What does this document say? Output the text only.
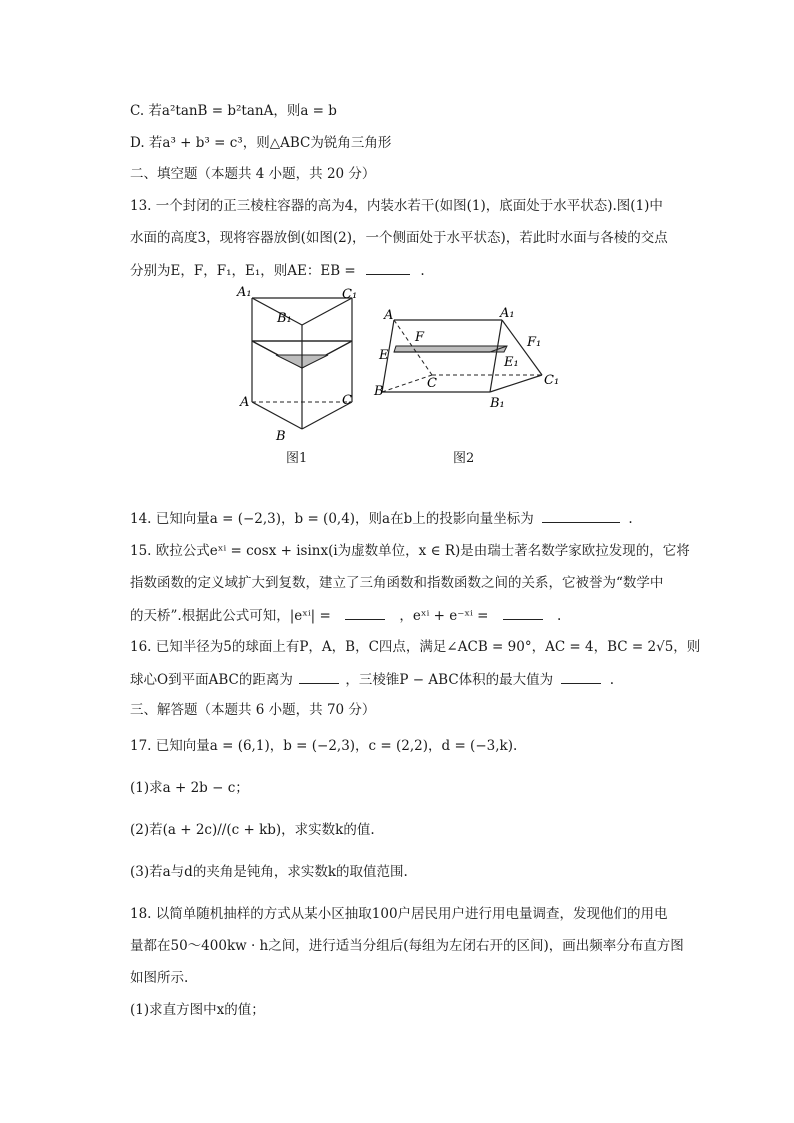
C. 若a²tanB = b²tanA，则a = b
D. 若a³ + b³ = c³，则△ABC为锐角三角形
二、填空题（本题共 4 小题，共 20 分）
13. 一个封闭的正三棱柱容器的高为4，内装水若干(如图(1)，底面处于水平状态).图(1)中
水面的高度3，现将容器放倒(如图(2)，一个侧面处于水平状态)，若此时水面与各棱的交点
分别为E，F，F₁，E₁，则AE：EB =	.
A₁	C₁
B₁
A	C
B
图1
A	A₁
F	F₁
E	E₁
C	C₁
B
B₁
图2
14. 已知向量a = (−2,3)，b = (0,4)，则a在b上的投影向量坐标为	.
15. 欧拉公式eˣⁱ = cosx + isinx(i为虚数单位，x ∈ R)是由瑞士著名数学家欧拉发现的，它将
指数函数的定义域扩大到复数，建立了三角函数和指数函数之间的关系，它被誉为“数学中
的天桥”.根据此公式可知，|eˣⁱ| =	，eˣⁱ + e⁻ˣⁱ =	.
16. 已知半径为5的球面上有P，A，B，C四点，满足∠ACB = 90°，AC = 4，BC = 2√5，则
球心O到平面ABC的距离为	，三棱锥P − ABC体积的最大值为	.
三、解答题（本题共 6 小题，共 70 分）
17. 已知向量a = (6,1)，b = (−2,3)，c = (2,2)，d = (−3,k).
(1)求a + 2b − c；
(2)若(a + 2c)//(c + kb)，求实数k的值.
(3)若a与d的夹角是钝角，求实数k的取值范围.
18. 以简单随机抽样的方式从某小区抽取100户居民用户进行用电量调查，发现他们的用电
量都在50～400kw · h之间，进行适当分组后(每组为左闭右开的区间)，画出频率分布直方图
如图所示.
(1)求直方图中x的值；
